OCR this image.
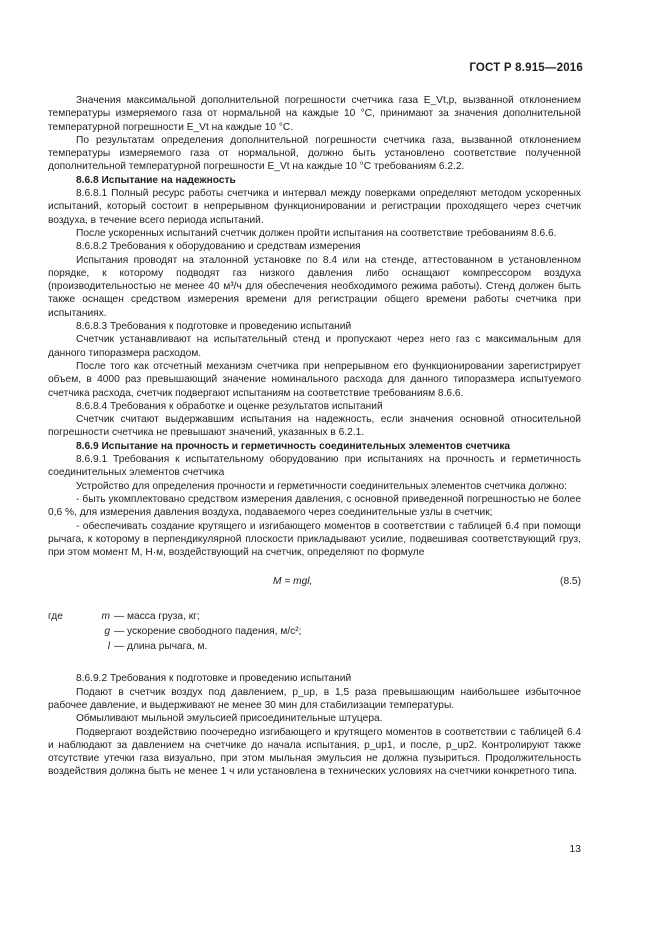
ГОСТ Р 8.915—2016

Значения максимальной дополнительной погрешности счетчика газа E_Vt,p, вызванной отклонением температуры измеряемого газа от нормальной на каждые 10 °C, принимают за значения дополнительной температурной погрешности E_Vt на каждые 10 °C.

По результатам определения дополнительной погрешности счетчика газа, вызванной отклонением температуры измеряемого газа от нормальной, должно быть установлено соответствие полученной дополнительной температурной погрешности E_Vt на каждые 10 °C требованиям 6.2.2.

8.6.8 Испытание на надежность

8.6.8.1 Полный ресурс работы счетчика и интервал между поверками определяют методом ускоренных испытаний, который состоит в непрерывном функционировании и регистрации проходящего через счетчик воздуха, в течение всего периода испытаний.

После ускоренных испытаний счетчик должен пройти испытания на соответствие требованиям 8.6.6.

8.6.8.2 Требования к оборудованию и средствам измерения

Испытания проводят на эталонной установке по 8.4 или на стенде, аттестованном в установленном порядке, к которому подводят газ низкого давления либо оснащают компрессором воздуха (производительностью не менее 40 м³/ч для обеспечения необходимого режима работы). Стенд должен быть также оснащен средством измерения времени для регистрации общего времени работы счетчика при испытаниях.

8.6.8.3 Требования к подготовке и проведению испытаний

Счетчик устанавливают на испытательный стенд и пропускают через него газ с максимальным для данного типоразмера расходом.

После того как отсчетный механизм счетчика при непрерывном его функционировании зарегистрирует объем, в 4000 раз превышающий значение номинального расхода для данного типоразмера испытуемого счетчика расхода, счетчик подвергают испытаниям на соответствие требованиям 8.6.6.

8.6.8.4 Требования к обработке и оценке результатов испытаний

Счетчик считают выдержавшим испытания на надежность, если значения основной относительной погрешности счетчика не превышают значений, указанных в 6.2.1.

8.6.9 Испытание на прочность и герметичность соединительных элементов счетчика

8.6.9.1 Требования к испытательному оборудованию при испытаниях на прочность и герметичность соединительных элементов счетчика

Устройство для определения прочности и герметичности соединительных элементов счетчика должно:

- быть укомплектовано средством измерения давления, с основной приведенной погрешностью не более 0,6 %, для измерения давления воздуха, подаваемого через соединительные узлы в счетчик;

- обеспечивать создание крутящего и изгибающего моментов в соответствии с таблицей 6.4 при помощи рычага, к которому в перпендикулярной плоскости прикладывают усилие, подвешивая соответствующий груз, при этом момент M, Н·м, воздействующий на счетчик, определяют по формуле

M = mgl,	(8.5)
где	m — масса груза, кг;
g — ускорение свободного падения, м/с²;
l — длина рычага, м.

8.6.9.2 Требования к подготовке и проведению испытаний

Подают в счетчик воздух под давлением, p_up, в 1,5 раза превышающим наибольшее избыточное рабочее давление, и выдерживают не менее 30 мин для стабилизации температуры.

Обмыливают мыльной эмульсией присоединительные штуцера.

Подвергают воздействию поочередно изгибающего и крутящего моментов в соответствии с таблицей 6.4 и наблюдают за давлением на счетчике до начала испытания, p_up1, и после, p_up2. Контролируют также отсутствие утечки газа визуально, при этом мыльная эмульсия не должна пузыриться. Продолжительность воздействия должна быть не менее 1 ч или установлена в технических условиях на счетчики конкретного типа.

13
